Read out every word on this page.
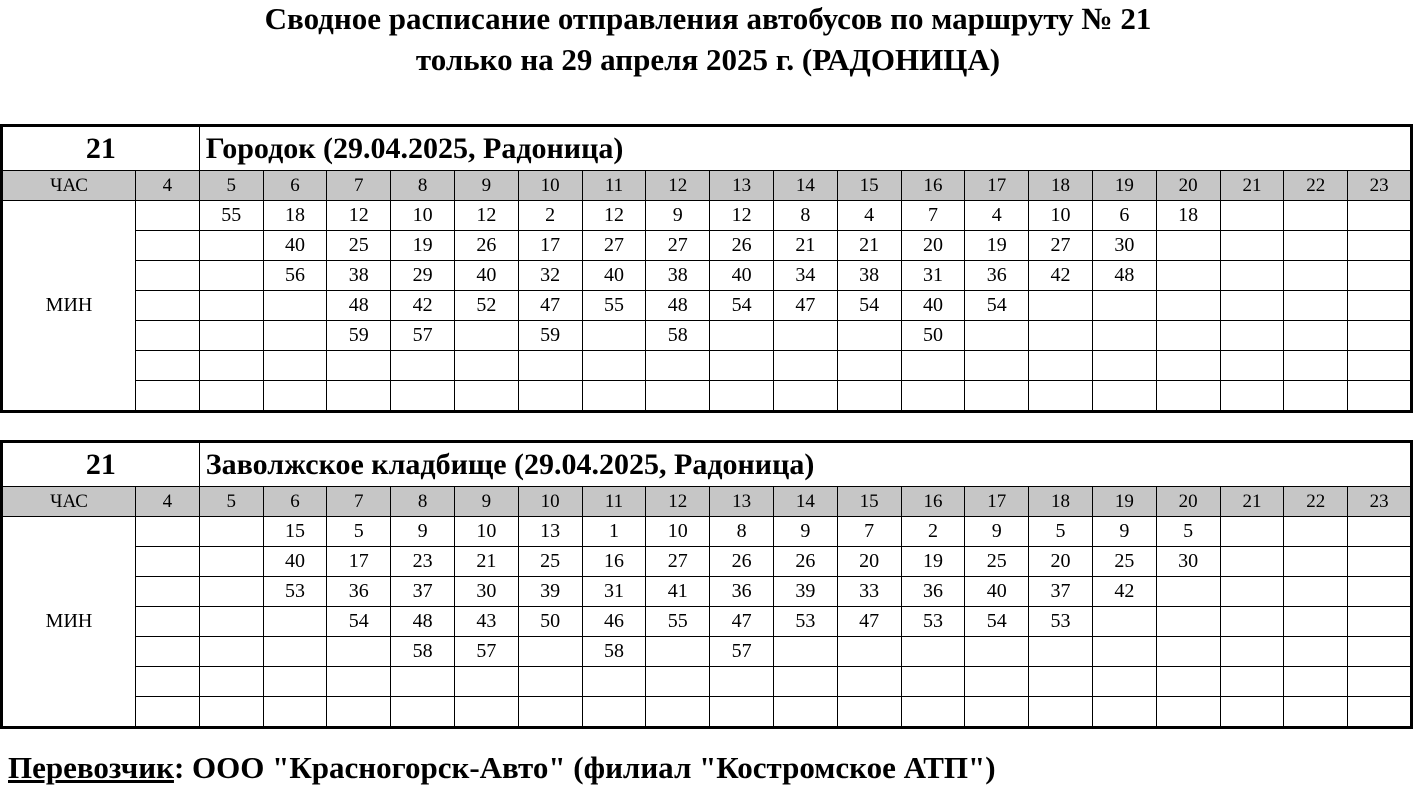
Сводное расписание отправления автобусов по маршруту № 21
только на 29 апреля 2025 г. (РАДОНИЦА)
21		Городок (29.04.2025, Радоница)																		
ЧАС	4	5	6	7	8	9	10	11	12	13	14	15	16	17	18	19	20	21	22	23
МИН		55	18	12	10	12	2	12	9	12	8	4	7	4	10	6	18			
			40	25	19	26	17	27	27	26	21	21	20	19	27	30				
			56	38	29	40	32	40	38	40	34	38	31	36	42	48				
				48	42	52	47	55	48	54	47	54	40	54						
				59	57		59		58				50							

21		Заволжское кладбище (29.04.2025, Радоница)																		
ЧАС	4	5	6	7	8	9	10	11	12	13	14	15	16	17	18	19	20	21	22	23
МИН			15	5	9	10	13	1	10	8	9	7	2	9	5	9	5			
			40	17	23	21	25	16	27	26	26	20	19	25	20	25	30			
			53	36	37	30	39	31	41	36	39	33	36	40	37	42				
				54	48	43	50	46	55	47	53	47	53	54	53					
					58	57		58		57										

Перевозчик: ООО "Красногорск-Авто" (филиал "Костромское АТП")
